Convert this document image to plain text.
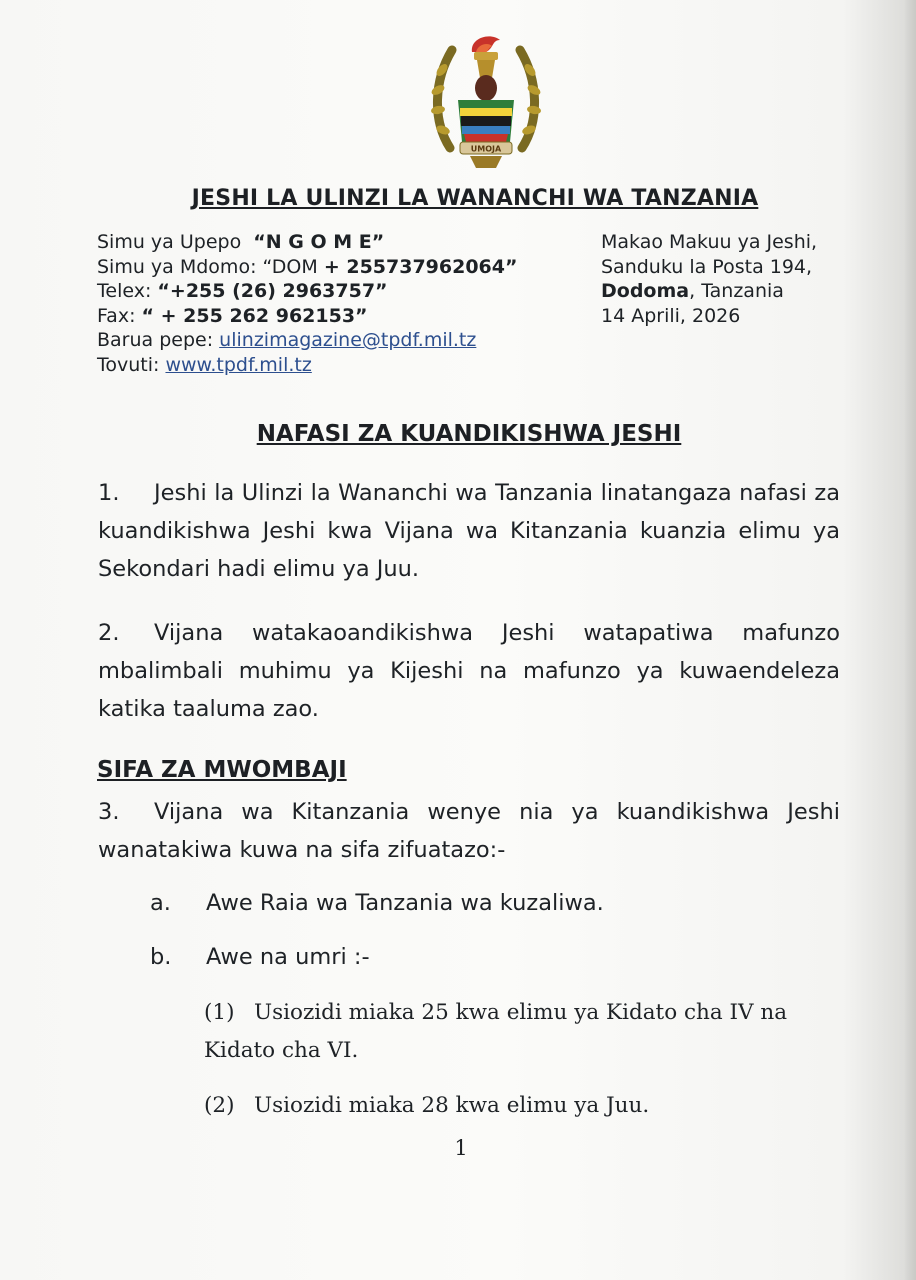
UMOJA
JESHI LA ULINZI LA WANANCHI WA TANZANIA
Simu ya Upepo “N G O M E”
Simu ya Mdomo: “DOM + 255737962064”
Telex: “+255 (26) 2963757”
Fax: “ + 255 262 962153”
Barua pepe: ulinzimagazine@tpdf.mil.tz
Tovuti: www.tpdf.mil.tz
Makao Makuu ya Jeshi,
Sanduku la Posta 194,
Dodoma, Tanzania
14 Aprili, 2026
NAFASI ZA KUANDIKISHWA JESHI

1. Jeshi la Ulinzi la Wananchi wa Tanzania linatangaza nafasi za kuandikishwa Jeshi kwa Vijana wa Kitanzania kuanzia elimu ya Sekondari hadi elimu ya Juu.

2. Vijana watakaoandikishwa Jeshi watapatiwa mafunzo mbalimbali muhimu ya Kijeshi na mafunzo ya kuwaendeleza katika taaluma zao.

SIFA ZA MWOMBAJI

3. Vijana wa Kitanzania wenye nia ya kuandikishwa Jeshi wanatakiwa kuwa na sifa zifuatazo:-

a. Awe Raia wa Tanzania wa kuzaliwa.

b. Awe na umri :-

(1) Usiozidi miaka 25 kwa elimu ya Kidato cha IV na Kidato cha VI.

(2) Usiozidi miaka 28 kwa elimu ya Juu.

1
